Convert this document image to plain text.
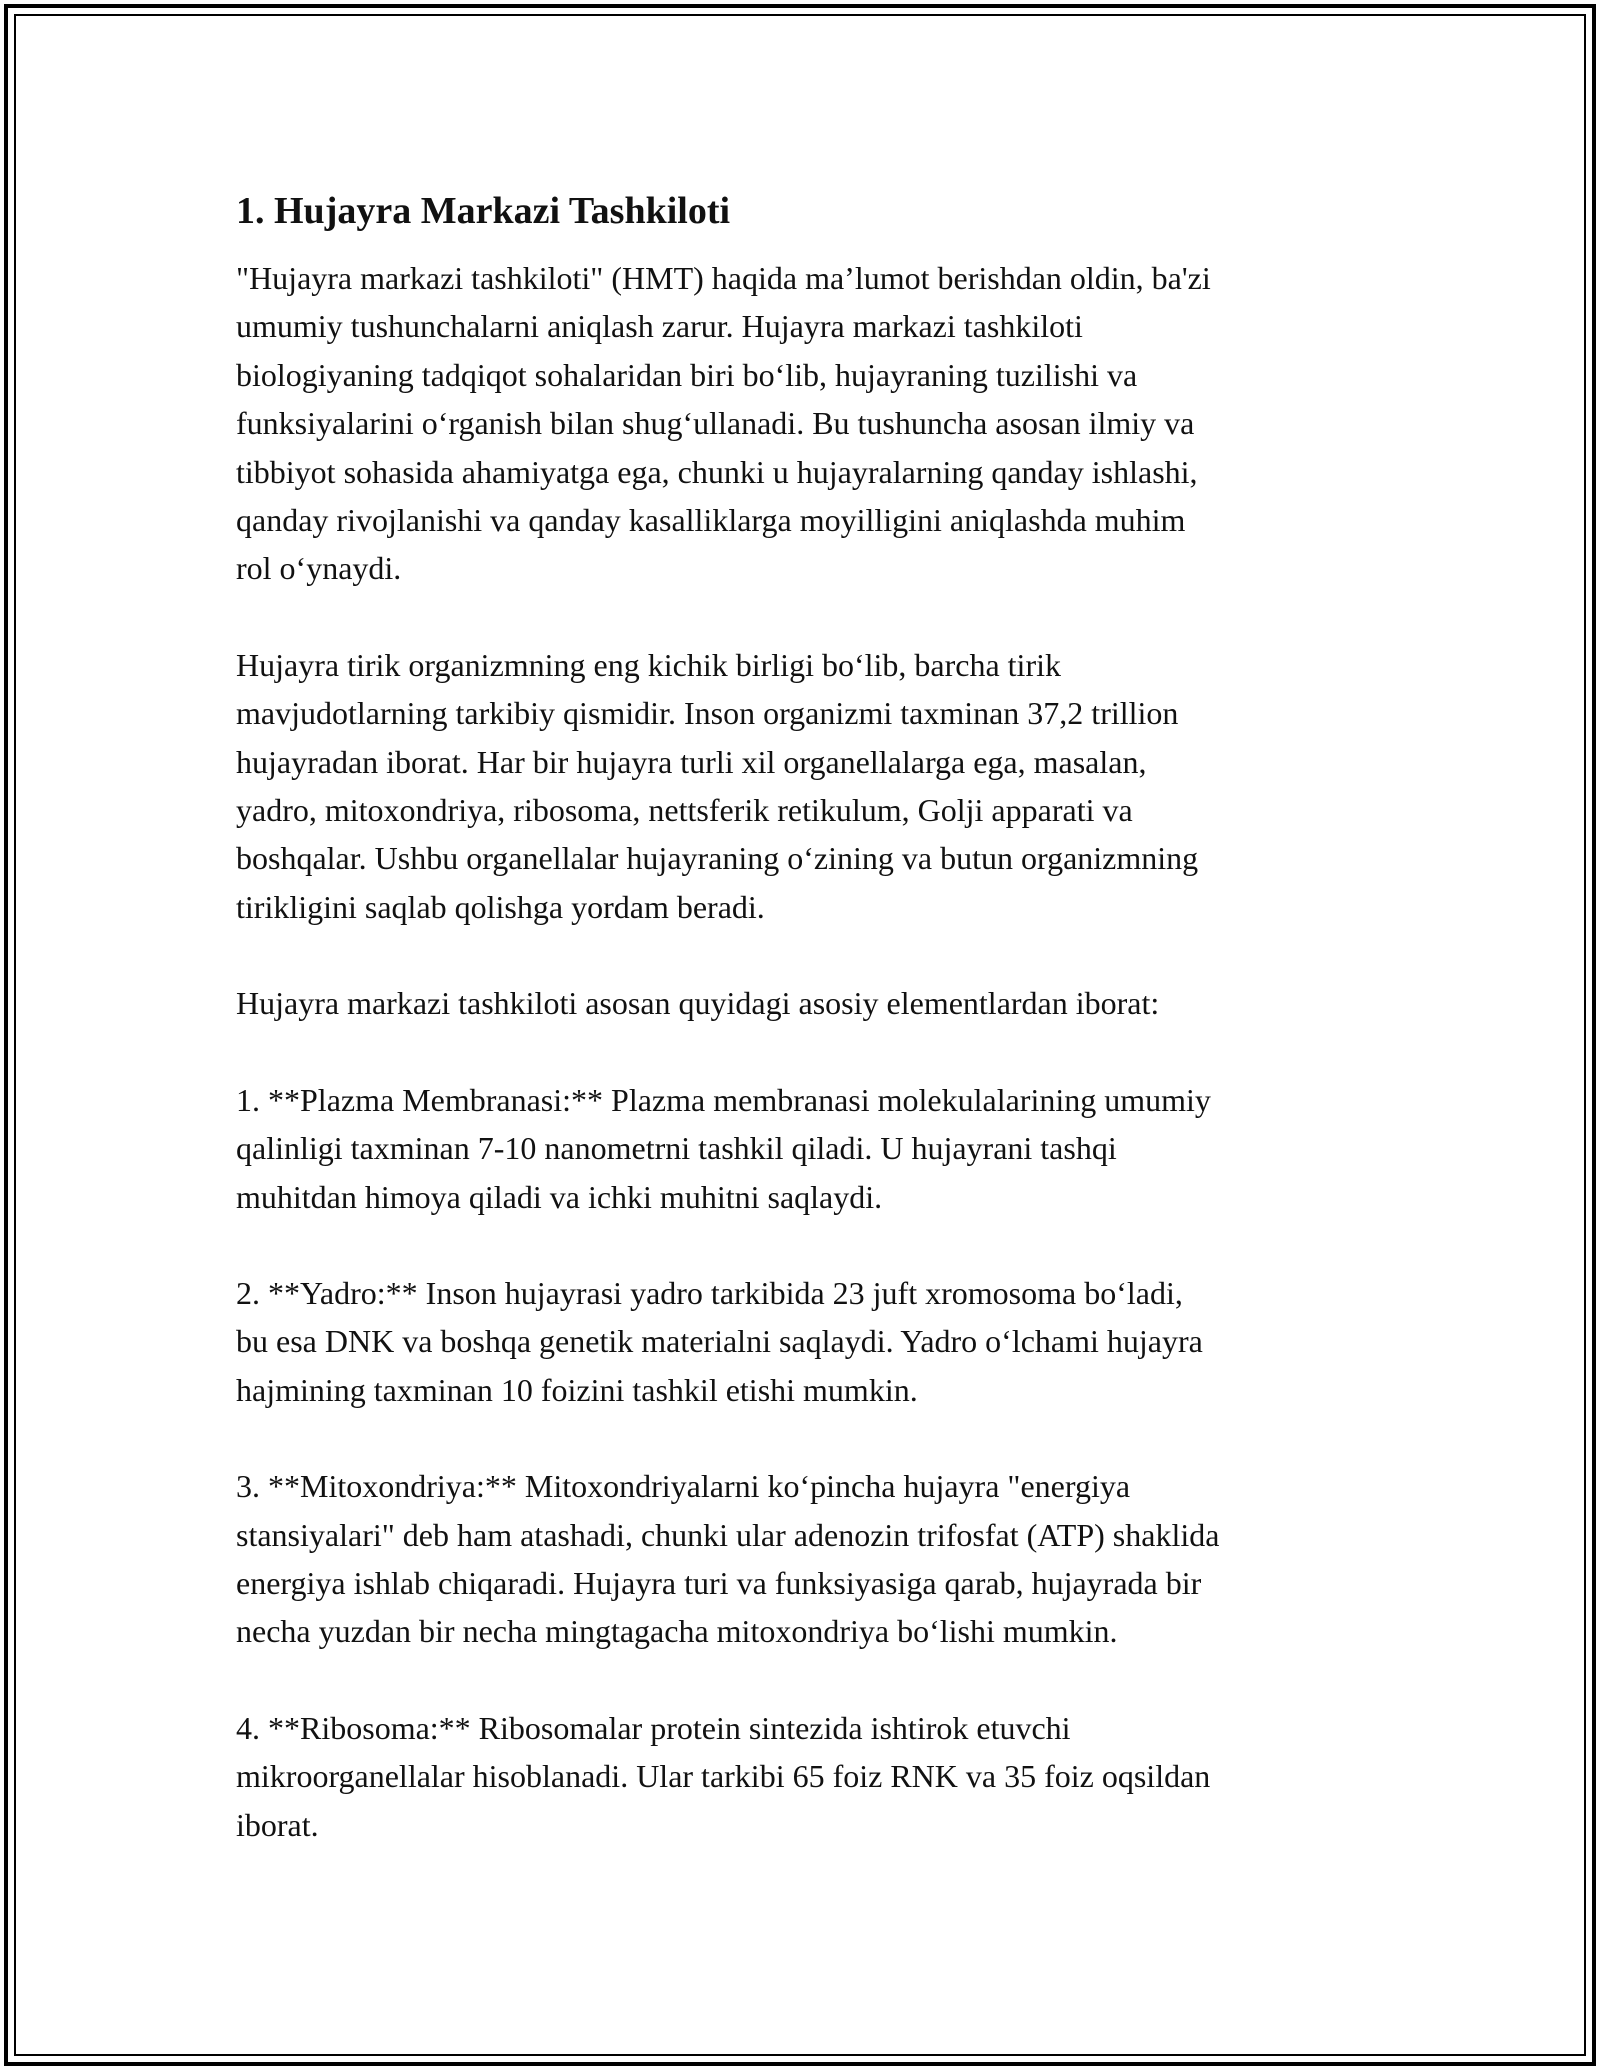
1. Hujayra Markazi Tashkiloti

"Hujayra markazi tashkiloti" (HMT) haqida ma’lumot berishdan oldin, ba'zi
umumiy tushunchalarni aniqlash zarur. Hujayra markazi tashkiloti
biologiyaning tadqiqot sohalaridan biri bo‘lib, hujayraning tuzilishi va
funksiyalarini o‘rganish bilan shug‘ullanadi. Bu tushuncha asosan ilmiy va
tibbiyot sohasida ahamiyatga ega, chunki u hujayralarning qanday ishlashi,
qanday rivojlanishi va qanday kasalliklarga moyilligini aniqlashda muhim
rol o‘ynaydi.

Hujayra tirik organizmning eng kichik birligi bo‘lib, barcha tirik
mavjudotlarning tarkibiy qismidir. Inson organizmi taxminan 37,2 trillion
hujayradan iborat. Har bir hujayra turli xil organellalarga ega, masalan,
yadro, mitoxondriya, ribosoma, nettsferik retikulum, Golji apparati va
boshqalar. Ushbu organellalar hujayraning o‘zining va butun organizmning
tirikligini saqlab qolishga yordam beradi.

Hujayra markazi tashkiloti asosan quyidagi asosiy elementlardan iborat:

1. **Plazma Membranasi:** Plazma membranasi molekulalarining umumiy
qalinligi taxminan 7-10 nanometrni tashkil qiladi. U hujayrani tashqi
muhitdan himoya qiladi va ichki muhitni saqlaydi.

2. **Yadro:** Inson hujayrasi yadro tarkibida 23 juft xromosoma bo‘ladi,
bu esa DNK va boshqa genetik materialni saqlaydi. Yadro o‘lchami hujayra
hajmining taxminan 10 foizini tashkil etishi mumkin.

3. **Mitoxondriya:** Mitoxondriyalarni ko‘pincha hujayra "energiya
stansiyalari" deb ham atashadi, chunki ular adenozin trifosfat (ATP) shaklida
energiya ishlab chiqaradi. Hujayra turi va funksiyasiga qarab, hujayrada bir
necha yuzdan bir necha mingtagacha mitoxondriya bo‘lishi mumkin.

4. **Ribosoma:** Ribosomalar protein sintezida ishtirok etuvchi
mikroorganellalar hisoblanadi. Ular tarkibi 65 foiz RNK va 35 foiz oqsildan
iborat.
